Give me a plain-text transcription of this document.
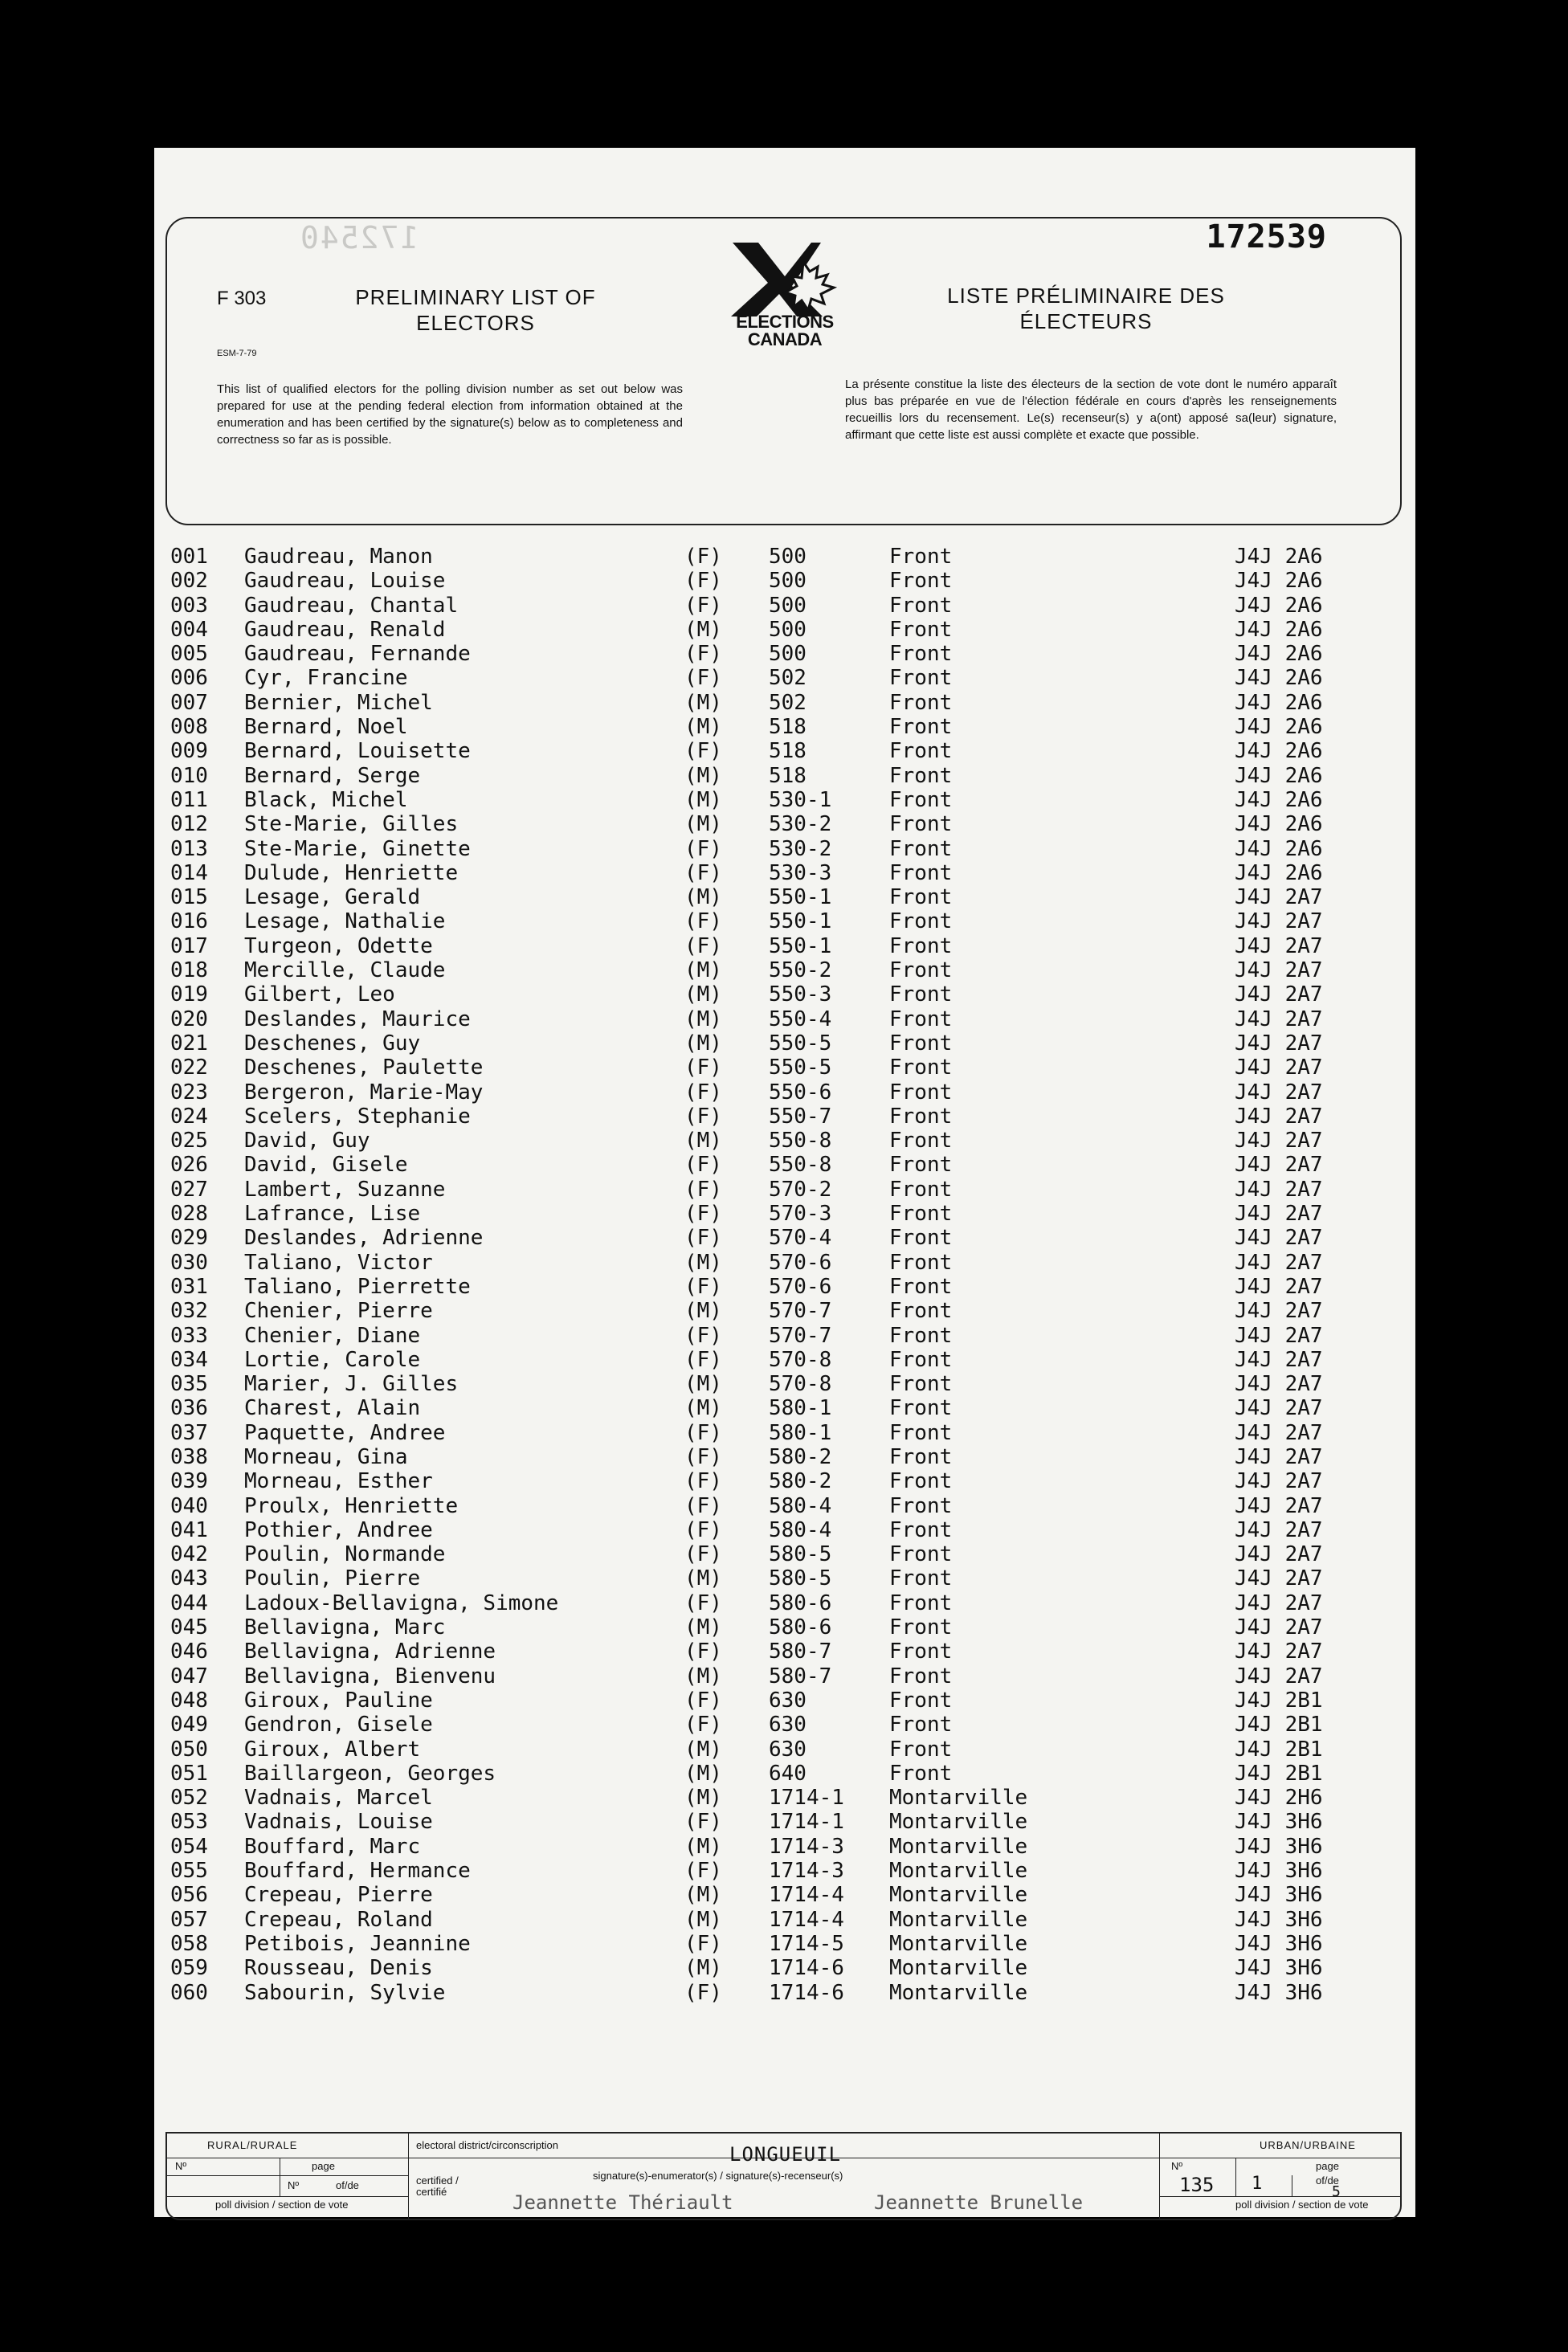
172540	172539
F 303
ESM-7-79
PRELIMINARY LIST OF ELECTORS
LISTE PRÉLIMINAIRE DES ÉLECTEURS
ELECTIONS
CANADA
This list of qualified electors for the polling division number as set out below was prepared for use at the pending federal election from information obtained at the enumeration and has been certified by the signature(s) below as to completeness and correctness so far as is possible.
La présente constitue la liste des électeurs de la section de vote dont le numéro apparaît plus bas préparée en vue de l'élection fédérale en cours d'après les renseignements recueillis lors du recensement. Le(s) recenseur(s) y a(ont) apposé sa(leur) signature, affirmant que cette liste est aussi complète et exacte que possible.
001 Gaudreau, Manon	(F) 500	Front	J4J 2A6
002 Gaudreau, Louise	(F) 500	Front	J4J 2A6
003 Gaudreau, Chantal	(F) 500	Front	J4J 2A6
004 Gaudreau, Renald	(M) 500	Front	J4J 2A6
005 Gaudreau, Fernande	(F) 500	Front	J4J 2A6
006 Cyr, Francine	(F) 502	Front	J4J 2A6
007 Bernier, Michel	(M) 502	Front	J4J 2A6
008 Bernard, Noel	(M) 518	Front	J4J 2A6
009 Bernard, Louisette	(F) 518	Front	J4J 2A6
010 Bernard, Serge	(M) 518	Front	J4J 2A6
011 Black, Michel	(M) 530-1	Front	J4J 2A6
012 Ste-Marie, Gilles	(M) 530-2	Front	J4J 2A6
013 Ste-Marie, Ginette	(F) 530-2	Front	J4J 2A6
014 Dulude, Henriette	(F) 530-3	Front	J4J 2A6
015 Lesage, Gerald	(M) 550-1	Front	J4J 2A7
016 Lesage, Nathalie	(F) 550-1	Front	J4J 2A7
017 Turgeon, Odette	(F) 550-1	Front	J4J 2A7
018 Mercille, Claude	(M) 550-2	Front	J4J 2A7
019 Gilbert, Leo	(M) 550-3	Front	J4J 2A7
020 Deslandes, Maurice	(M) 550-4	Front	J4J 2A7
021 Deschenes, Guy	(M) 550-5	Front	J4J 2A7
022 Deschenes, Paulette	(F) 550-5	Front	J4J 2A7
023 Bergeron, Marie-May	(F) 550-6	Front	J4J 2A7
024 Scelers, Stephanie	(F) 550-7	Front	J4J 2A7
025 David, Guy	(M) 550-8	Front	J4J 2A7
026 David, Gisele	(F) 550-8	Front	J4J 2A7
027 Lambert, Suzanne	(F) 570-2	Front	J4J 2A7
028 Lafrance, Lise	(F) 570-3	Front	J4J 2A7
029 Deslandes, Adrienne	(F) 570-4	Front	J4J 2A7
030 Taliano, Victor	(M) 570-6	Front	J4J 2A7
031 Taliano, Pierrette	(F) 570-6	Front	J4J 2A7
032 Chenier, Pierre	(M) 570-7	Front	J4J 2A7
033 Chenier, Diane	(F) 570-7	Front	J4J 2A7
034 Lortie, Carole	(F) 570-8	Front	J4J 2A7
035 Marier, J. Gilles	(M) 570-8	Front	J4J 2A7
036 Charest, Alain	(M) 580-1	Front	J4J 2A7
037 Paquette, Andree	(F) 580-1	Front	J4J 2A7
038 Morneau, Gina	(F) 580-2	Front	J4J 2A7
039 Morneau, Esther	(F) 580-2	Front	J4J 2A7
040 Proulx, Henriette	(F) 580-4	Front	J4J 2A7
041 Pothier, Andree	(F) 580-4	Front	J4J 2A7
042 Poulin, Normande	(F) 580-5	Front	J4J 2A7
043 Poulin, Pierre	(M) 580-5	Front	J4J 2A7
044 Ladoux-Bellavigna, Simone	(F) 580-6	Front	J4J 2A7
045 Bellavigna, Marc	(M) 580-6	Front	J4J 2A7
046 Bellavigna, Adrienne	(F) 580-7	Front	J4J 2A7
047 Bellavigna, Bienvenu	(M) 580-7	Front	J4J 2A7
048 Giroux, Pauline	(F) 630	Front	J4J 2B1
049 Gendron, Gisele	(F) 630	Front	J4J 2B1
050 Giroux, Albert	(M) 630	Front	J4J 2B1
051 Baillargeon, Georges	(M) 640	Front	J4J 2B1
052 Vadnais, Marcel	(M) 1714-1 Montarville	J4J 2H6
053 Vadnais, Louise	(F) 1714-1 Montarville	J4J 3H6
054 Bouffard, Marc	(M) 1714-3 Montarville	J4J 3H6
055 Bouffard, Hermance	(F) 1714-3 Montarville	J4J 3H6
056 Crepeau, Pierre	(M) 1714-4 Montarville	J4J 3H6
057 Crepeau, Roland	(M) 1714-4 Montarville	J4J 3H6
058 Petibois, Jeannine	(F) 1714-5 Montarville	J4J 3H6
059 Rousseau, Denis	(M) 1714-6 Montarville	J4J 3H6
060 Sabourin, Sylvie	(F) 1714-6 Montarville	J4J 3H6
RURAL/RURALE
Nº	page
Nº	of/de
poll division / section de vote
electoral district/circonscription	LONGUEUIL	URBAN/URBAINE
Nº	page
135 1	of/de
5
poll division / section de vote
certified / certifié
signature(s)-enumerator(s) / signature(s)-recenseur(s)
Jeannette Thériault	Jeannette Brunelle
